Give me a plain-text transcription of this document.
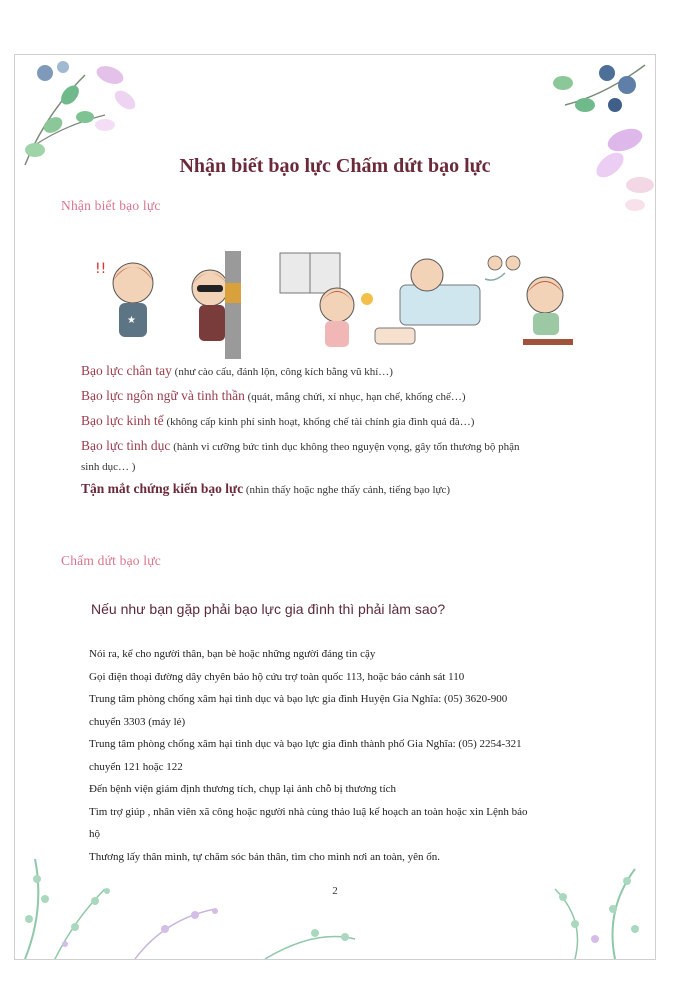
Nhận biết bạo lực Chấm dứt bạo lực
Nhận biết bạo lực
★
!!
Bạo lực chân tay (như cào cấu, đánh lộn, công kích bằng vũ khí…)
Bạo lực ngôn ngữ và tinh thần (quát, mắng chửi, xỉ nhục, hạn chế, khống chế…)
Bạo lực kinh tế (không cấp kinh phí sinh hoạt, khống chế tài chính gia đình quá đà…)
Bạo lực tình dục (hành vi cưỡng bức tình dục không theo nguyện vọng, gây tổn thương bộ phận
sinh dục… )
Tận mắt chứng kiến bạo lực (nhìn thấy hoặc nghe thấy cảnh, tiếng bạo lực)
Chấm dứt bạo lực
Nếu như bạn gặp phải bạo lực gia đình thì phải làm sao?
Nói ra, kể cho người thân, bạn bè hoặc những người đáng tin cậy
Gọi điện thoại đường dây chyên bảo hộ cứu trợ toàn quốc 113, hoặc báo cảnh sát 110
Trung tâm phòng chống xâm hại tình dục và bạo lực gia đình Huyện Gia Nghĩa: (05) 3620-900
chuyển 3303 (máy lẻ)
Trung tâm phòng chống xâm hại tình dục và bạo lực gia đình thành phố Gia Nghĩa: (05) 2254-321
chuyển 121 hoặc 122
Đến bệnh viện giám định thương tích, chụp lại ảnh chỗ bị thương tích
Tìm trợ giúp , nhân viên xã công hoặc người nhà cùng thảo luậ kế hoạch an toàn hoặc xin Lệnh bảo
hộ
Thương lấy thân mình, tự chăm sóc bản thân, tìm cho mình nơi an toàn, yên ổn.
2
